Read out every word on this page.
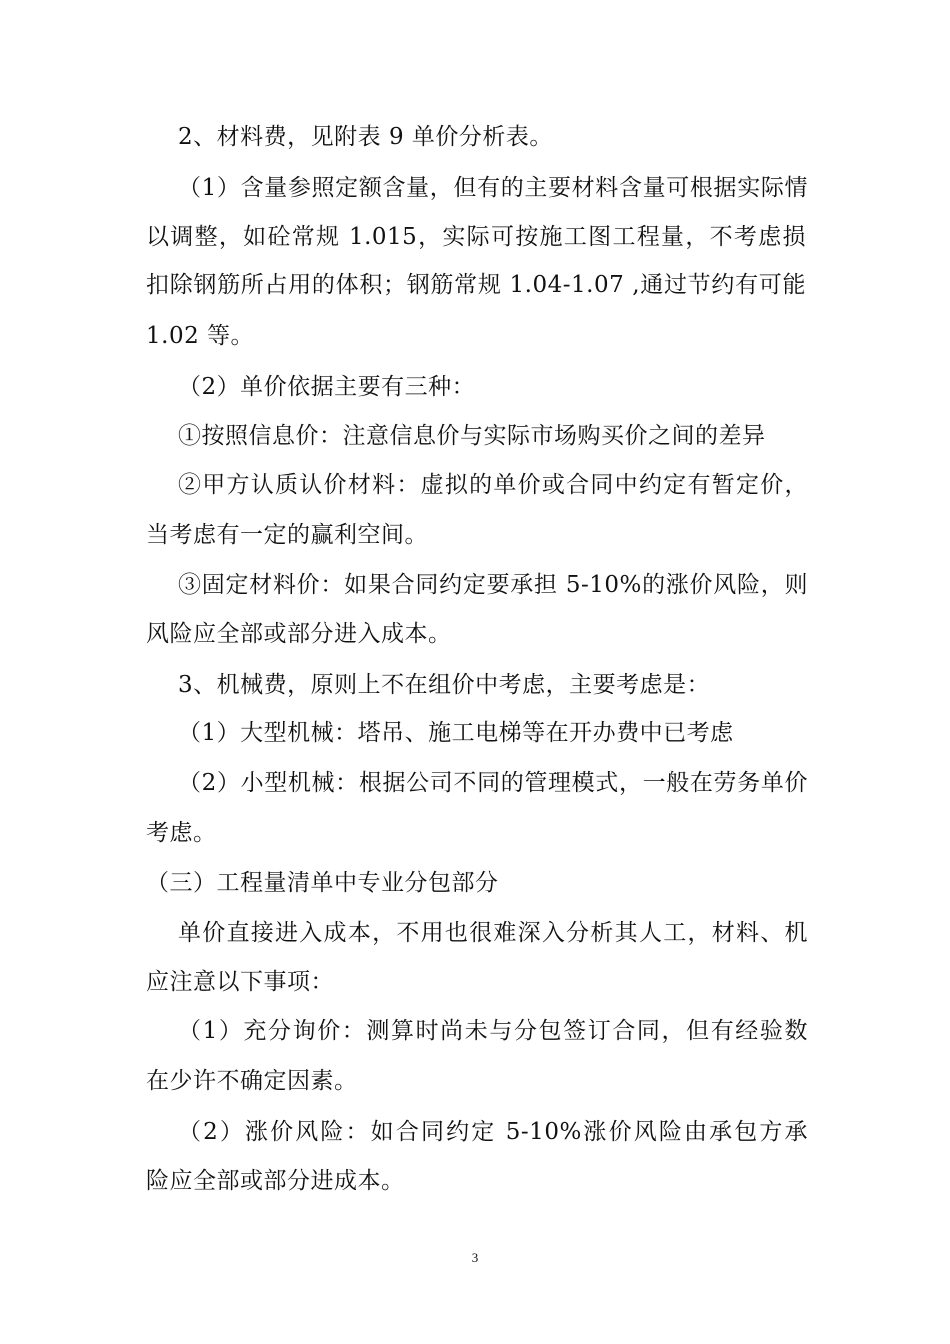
2、材料费，见附表 9 单价分析表。
（1）含量参照定额含量，但有的主要材料含量可根据实际情
以调整，如砼常规 1.015，实际可按施工图工程量，不考虑损
扣除钢筋所占用的体积；钢筋常规 1.04-1.07 ,通过节约有可能
1.02 等。
（2）单价依据主要有三种：
①按照信息价：注意信息价与实际市场购买价之间的差异
②甲方认质认价材料：虚拟的单价或合同中约定有暂定价，
当考虑有一定的赢利空间。
③固定材料价：如果合同约定要承担 5-10%的涨价风险，则
风险应全部或部分进入成本。
3、机械费，原则上不在组价中考虑，主要考虑是：
（1）大型机械：塔吊、施工电梯等在开办费中已考虑
（2）小型机械：根据公司不同的管理模式，一般在劳务单价
考虑。
（三）工程量清单中专业分包部分
单价直接进入成本，不用也很难深入分析其人工，材料、机
应注意以下事项：
（1）充分询价：测算时尚未与分包签订合同，但有经验数
在少许不确定因素。
（2）涨价风险：如合同约定 5-10%涨价风险由承包方承
险应全部或部分进成本。
3
